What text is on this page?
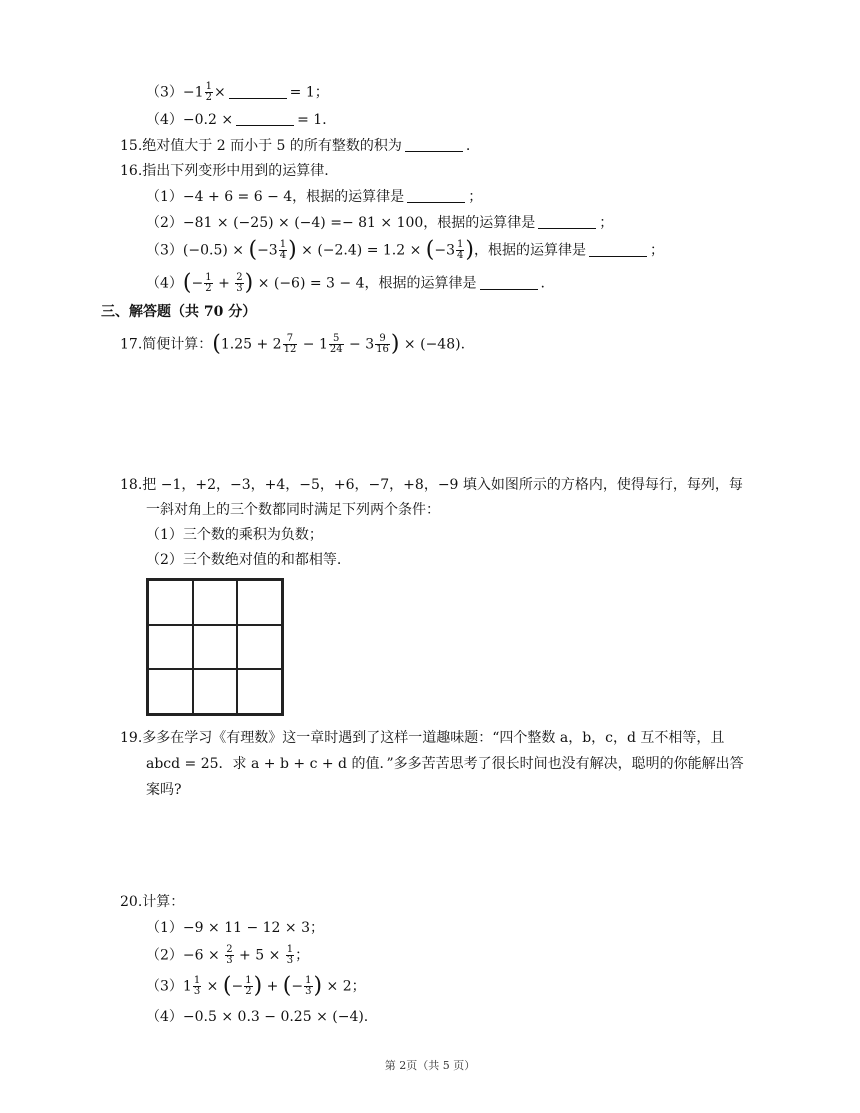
$(3)-1 \frac{1}{2}$ ×	= 1；
（4）−0.2 ×	= 1．
15.绝对值大于 2 而小于 5 的所有整数的积为	.
16.指出下列变形中用到的运算律.
（1）−4 + 6 = 6 − 4，根据的运算律是	；
（2）−81 × (−25) × (−4) =− 81 × 100，根据的运算律是	；
$(3)(-0.5) \times (-3 \frac{1}{4}$ ) × $(-2.4) = 1.2 \times (-3 \frac{1}{4}$ )，根据的运算律是	；
$(4)(- \frac{1}{2} + \frac{2}{3}$ ) × (−6) = 3 − 4，根据的运算律是	.
三、解答题（共 70 分）
17.简便计算：($1.25 + 2 \frac{7}{12} - 1 \frac{5}{24} - 3 \frac{9}{16}$ ) × (−48).
18.把 −1，+2，−3，+4，−5，+6，−7，+8，−9 填入如图所示的方格内，使得每行，每列，每
一斜对角上的三个数都同时满足下列两个条件：
（1）三个数的乘积为负数；
（2）三个数绝对值的和都相等.
19.多多在学习《有理数》这一章时遇到了这样一道趣味题：“四个整数 a，b，c，d 互不相等，且
abcd = 25．求 a + b + c + d 的值．”多多苦苦思考了很长时间也没有解决，聪明的你能解出答
案吗?
20.计算：
（1）−9 × 11 − 12 × 3；
$(2)-6 \times \frac{2}{3} + 5 \times \frac{1}{3}$ ；
$(3)1 \frac{1}{3}$ × (− $\frac{1}{2}$ ) + (− $\frac{1}{3}$ ) × 2；
（4）−0.5 × 0.3 − 0.25 × (−4).
第 2页（共 5 页）
